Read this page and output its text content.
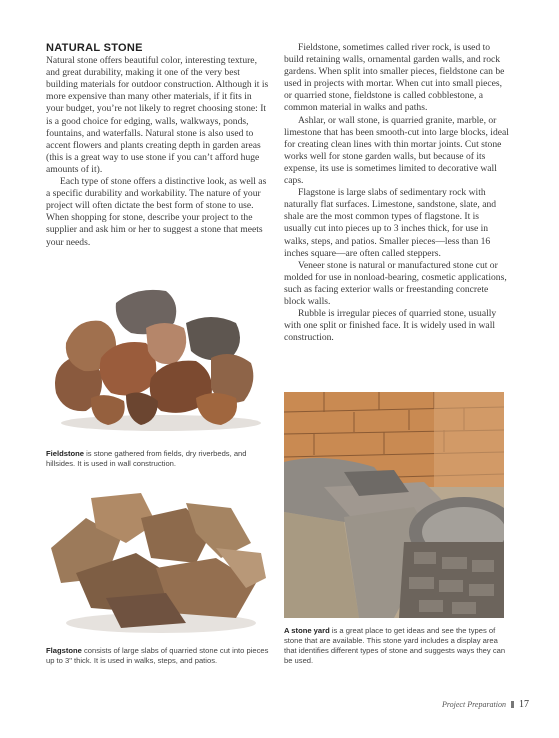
NATURAL STONE

Natural stone offers beautiful color, interesting texture, and great durability, making it one of the very best building materials for outdoor construction. Although it is more expensive than many other materials, if it fits in your budget, you’re not likely to regret choosing stone: It is a good choice for edging, walls, walkways, ponds, fountains, and waterfalls. Natural stone is also used to accent flowers and plants creating depth in garden areas (this is a great way to use stone if you can’t afford huge amounts of it).

Each type of stone offers a distinctive look, as well as a specific durability and workability. The nature of your project will often dictate the best form of stone to use. When shopping for stone, describe your project to the supplier and ask him or her to suggest a stone that meets your needs.

Fieldstone, sometimes called river rock, is used to build retaining walls, ornamental garden walls, and rock gardens. When split into smaller pieces, fieldstone can be used in projects with mortar. When cut into small pieces, or quarried stone, fieldstone is called cobblestone, a common material in walks and paths.

Ashlar, or wall stone, is quarried granite, marble, or limestone that has been smooth-cut into large blocks, ideal for creating clean lines with thin mortar joints. Cut stone works well for stone garden walls, but because of its expense, its use is sometimes limited to decorative wall caps.

Flagstone is large slabs of sedimentary rock with naturally flat surfaces. Limestone, sandstone, slate, and shale are the most common types of flagstone. It is usually cut into pieces up to 3 inches thick, for use in walks, steps, and patios. Smaller pieces—less than 16 inches square—are often called steppers.

Veneer stone is natural or manufactured stone cut or molded for use in nonload-bearing, cosmetic applications, such as facing exterior walls or freestanding concrete block walls.

Rubble is irregular pieces of quarried stone, usually with one split or finished face. It is widely used in wall construction.

Fieldstone is stone gathered from fields, dry riverbeds, and hillsides. It is used in wall construction.
Flagstone consists of large slabs of quarried stone cut into pieces up to 3" thick. It is used in walks, steps, and patios.
A stone yard is a great place to get ideas and see the types of stone that are available. This stone yard includes a display area that identifies different types of stone and suggests ways they can be used.
Project Preparation 17
